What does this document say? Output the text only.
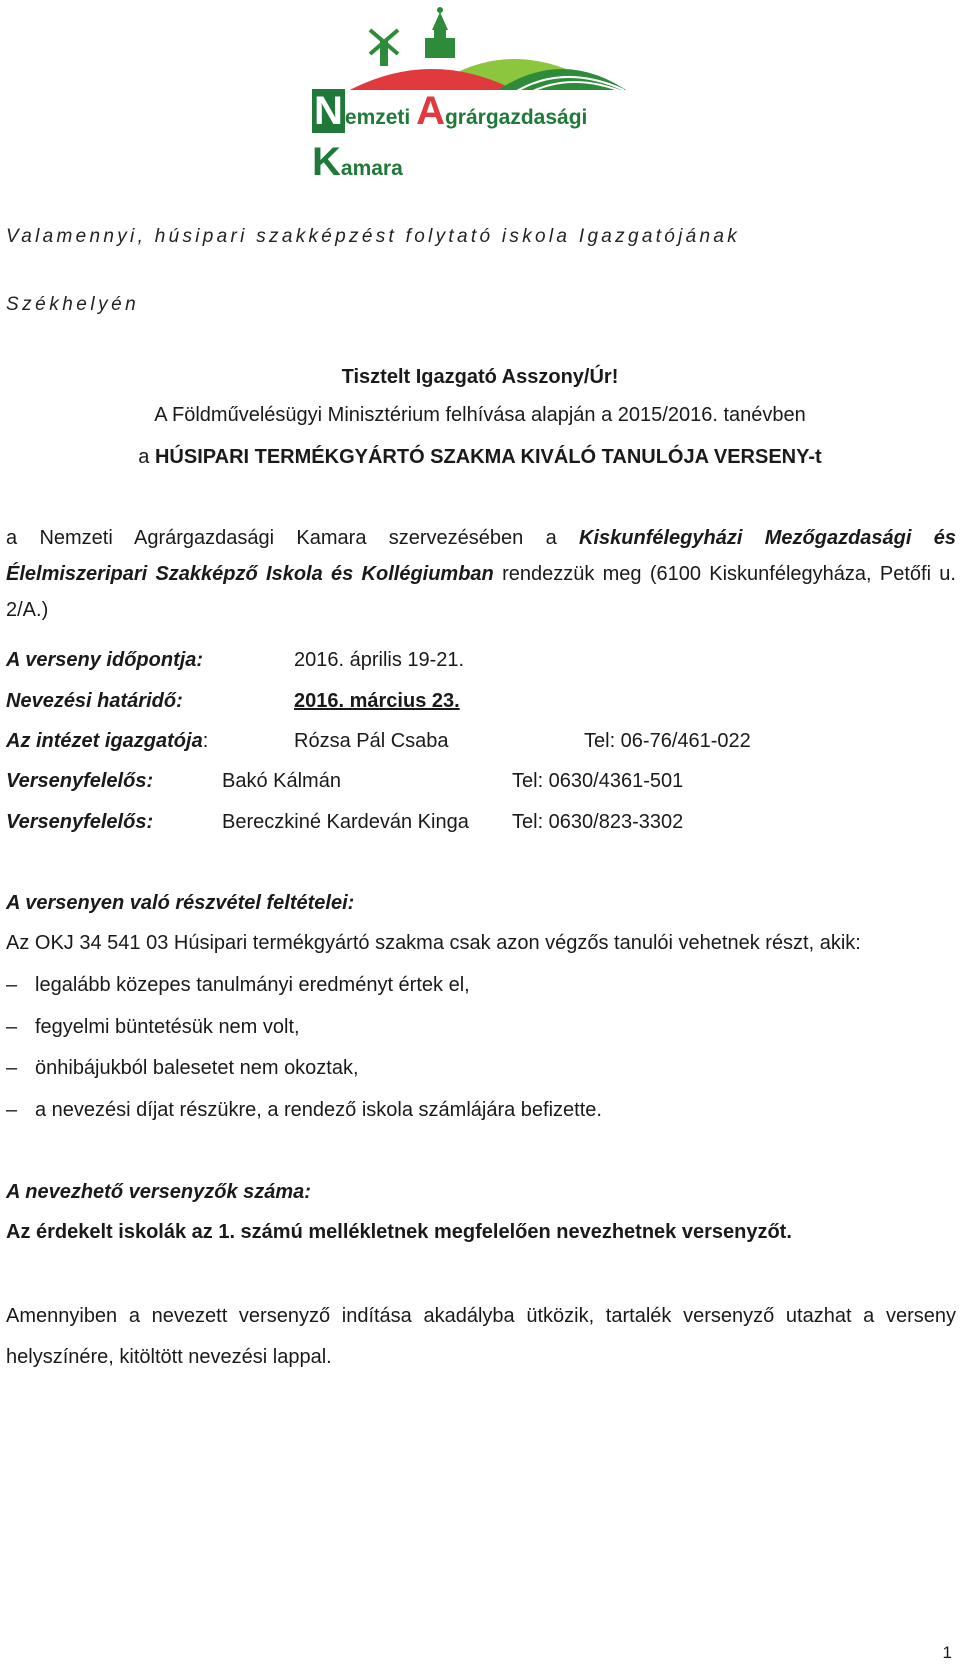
Nemzeti Agrárgazdasági Kamara
Valamennyi, húsipari szakképzést folytató iskola Igazgatójának
Székhelyén
Tisztelt Igazgató Asszony/Úr!
A Földművelésügyi Minisztérium felhívása alapján a 2015/2016. tanévben
a HÚSIPARI TERMÉKGYÁRTÓ SZAKMA KIVÁLÓ TANULÓJA VERSENY-t
a Nemzeti Agrárgazdasági Kamara szervezésében a Kiskunfélegyházi Mezőgazdasági és Élelmiszeripari Szakképző Iskola és Kollégiumban rendezzük meg (6100 Kiskunfélegyháza, Petőfi u. 2/A.)
A verseny időpontja:	2016. április 19-21.
Nevezési határidő:	2016. március 23.
Az intézet igazgatója:	Rózsa Pál Csaba	Tel: 06-76/461-022
Versenyfelelős:	Bakó Kálmán	Tel: 0630/4361-501
Versenyfelelős:	Bereczkiné Kardeván Kinga Tel: 0630/823-3302
A versenyen való részvétel feltételei:
Az OKJ 34 541 03 Húsipari termékgyártó szakma csak azon végzős tanulói vehetnek részt, akik:
– legalább közepes tanulmányi eredményt értek el,
– fegyelmi büntetésük nem volt,
– önhibájukból balesetet nem okoztak,
– a nevezési díjat részükre, a rendező iskola számlájára befizette.
A nevezhető versenyzők száma:
Az érdekelt iskolák az 1. számú mellékletnek megfelelően nevezhetnek versenyzőt.
Amennyiben a nevezett versenyző indítása akadályba ütközik, tartalék versenyző utazhat a verseny helyszínére, kitöltött nevezési lappal.
1
